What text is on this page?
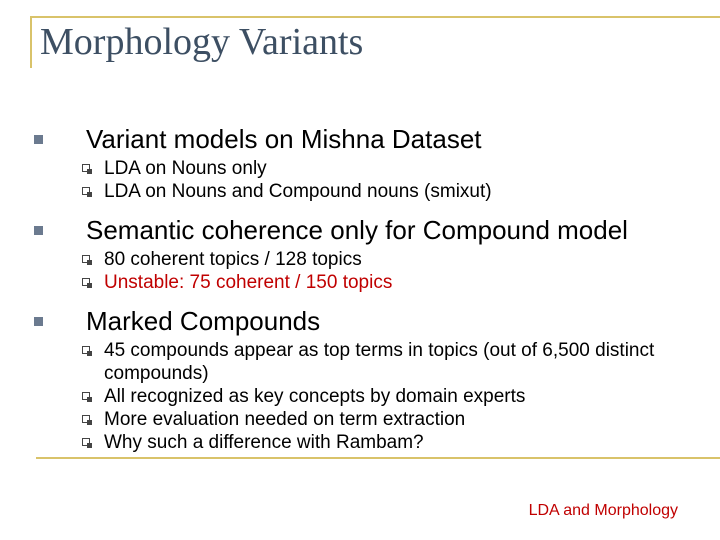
Morphology Variants
Variant models on Mishna Dataset
LDA on Nouns only
LDA on Nouns and Compound nouns (smixut)
Semantic coherence only for Compound model
80 coherent topics / 128 topics
Unstable: 75 coherent / 150 topics
Marked Compounds
45 compounds appear as top terms in topics (out of 6,500 distinct compounds)
All recognized as key concepts by domain experts
More evaluation needed on term extraction
Why such a difference with Rambam?
LDA and Morphology
